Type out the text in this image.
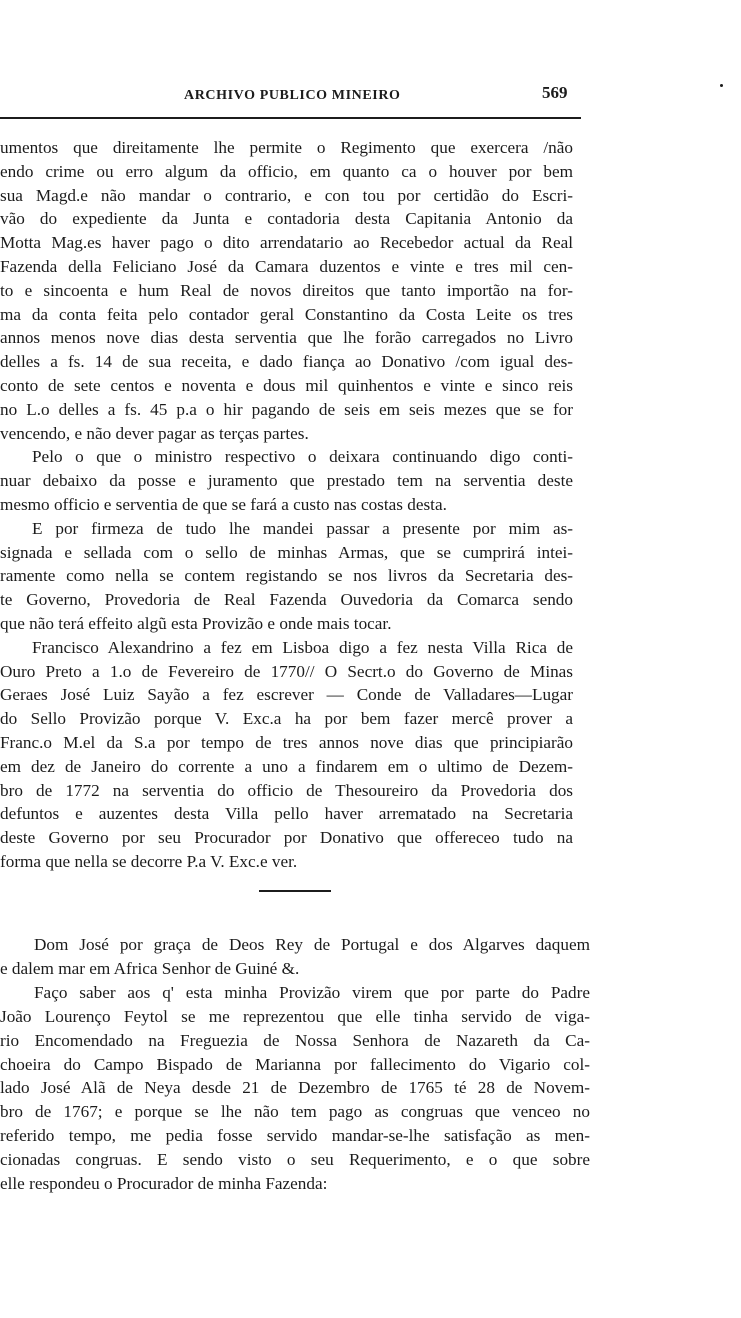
ARCHIVO PUBLICO MINEIRO	569
umentos que direitamente lhe permite o Regimento que exercera /não
endo crime ou erro algum da officio, em quanto ca o houver por bem
sua Magd.e não mandar o contrario, e con tou por certidão do Escri-
vão do expediente da Junta e contadoria desta Capitania Antonio da
Motta Mag.es haver pago o dito arrendatario ao Recebedor actual da Real
Fazenda della Feliciano José da Camara duzentos e vinte e tres mil cen-
to e sincoenta e hum Real de novos direitos que tanto importão na for-
ma da conta feita pelo contador geral Constantino da Costa Leite os tres
annos menos nove dias desta serventia que lhe forão carregados no Livro
delles a fs. 14 de sua receita, e dado fiança ao Donativo /com igual des-
conto de sete centos e noventa e dous mil quinhentos e vinte e sinco reis
no L.o delles a fs. 45 p.a o hir pagando de seis em seis mezes que se for
vencendo, e não dever pagar as terças partes.
Pelo o que o ministro respectivo o deixara continuando digo conti-
nuar debaixo da posse e juramento que prestado tem na serventia deste
mesmo officio e serventia de que se fará a custo nas costas desta.
E por firmeza de tudo lhe mandei passar a presente por mim as-
signada e sellada com o sello de minhas Armas, que se cumprirá intei-
ramente como nella se contem registando se nos livros da Secretaria des-
te Governo, Provedoria de Real Fazenda Ouvedoria da Comarca sendo
que não terá effeito algũ esta Provizão e onde mais tocar.
Francisco Alexandrino a fez em Lisboa digo a fez nesta Villa Rica de
Ouro Preto a 1.o de Fevereiro de 1770// O Secrt.o do Governo de Minas
Geraes José Luiz Sayão a fez escrever — Conde de Valladares—Lugar
do Sello Provizão porque V. Exc.a ha por bem fazer mercê prover a
Franc.o M.el da S.a por tempo de tres annos nove dias que principiarão
em dez de Janeiro do corrente a uno a findarem em o ultimo de Dezem-
bro de 1772 na serventia do officio de Thesoureiro da Provedoria dos
defuntos e auzentes desta Villa pello haver arrematado na Secretaria
deste Governo por seu Procurador por Donativo que offereceo tudo na
forma que nella se decorre P.a V. Exc.e ver.
Dom José por graça de Deos Rey de Portugal e dos Algarves daquem
e dalem mar em Africa Senhor de Guiné &.
Faço saber aos q' esta minha Provizão virem que por parte do Padre
João Lourenço Feytol se me reprezentou que elle tinha servido de viga-
rio Encomendado na Freguezia de Nossa Senhora de Nazareth da Ca-
choeira do Campo Bispado de Marianna por fallecimento do Vigario col-
lado José Alã de Neya desde 21 de Dezembro de 1765 té 28 de Novem-
bro de 1767; e porque se lhe não tem pago as congruas que venceo no
referido tempo, me pedia fosse servido mandar-se-lhe satisfação as men-
cionadas congruas. E sendo visto o seu Requerimento, e o que sobre
elle respondeu o Procurador de minha Fazenda:
